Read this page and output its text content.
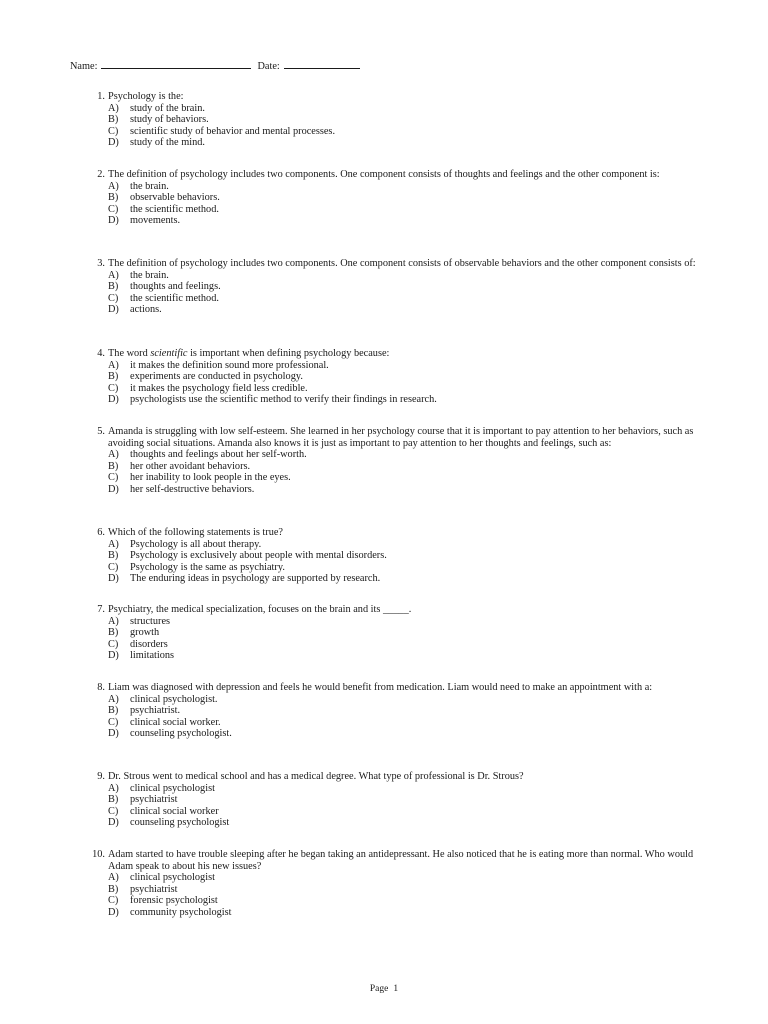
Name:	Date:
1. Psychology is the:

A)	study of the brain.
B)	study of behaviors.
C)	scientific study of behavior and mental processes.
D)	study of the mind.
2. The definition of psychology includes two components. One component consists of thoughts and feelings and the other component is:

A)	the brain.
B)	observable behaviors.
C)	the scientific method.
D)	movements.
3. The definition of psychology includes two components. One component consists of observable behaviors and the other component consists of:

A)	the brain.
B)	thoughts and feelings.
C)	the scientific method.
D)	actions.
4. The word scientific is important when defining psychology because:

A)	it makes the definition sound more professional.
B)	experiments are conducted in psychology.
C)	it makes the psychology field less credible.
D)	psychologists use the scientific method to verify their findings in research.
5. Amanda is struggling with low self-esteem. She learned in her psychology course that it is important to pay attention to her behaviors, such as avoiding social situations. Amanda also knows it is just as important to pay attention to her thoughts and feelings, such as:

A)	thoughts and feelings about her self-worth.
B)	her other avoidant behaviors.
C)	her inability to look people in the eyes.
D)	her self-destructive behaviors.
6. Which of the following statements is true?

A)	Psychology is all about therapy.
B)	Psychology is exclusively about people with mental disorders.
C)	Psychology is the same as psychiatry.
D)	The enduring ideas in psychology are supported by research.
7. Psychiatry, the medical specialization, focuses on the brain and its _____.

A)	structures
B)	growth
C)	disorders
D)	limitations
8. Liam was diagnosed with depression and feels he would benefit from medication. Liam would need to make an appointment with a:

A)	clinical psychologist.
B)	psychiatrist.
C)	clinical social worker.
D)	counseling psychologist.
9. Dr. Strous went to medical school and has a medical degree. What type of professional is Dr. Strous?

A)	clinical psychologist
B)	psychiatrist
C)	clinical social worker
D)	counseling psychologist
10. Adam started to have trouble sleeping after he began taking an antidepressant. He also noticed that he is eating more than normal. Who would Adam speak to about his new issues?

A)	clinical psychologist
B)	psychiatrist
C)	forensic psychologist
D)	community psychologist
Page 1
